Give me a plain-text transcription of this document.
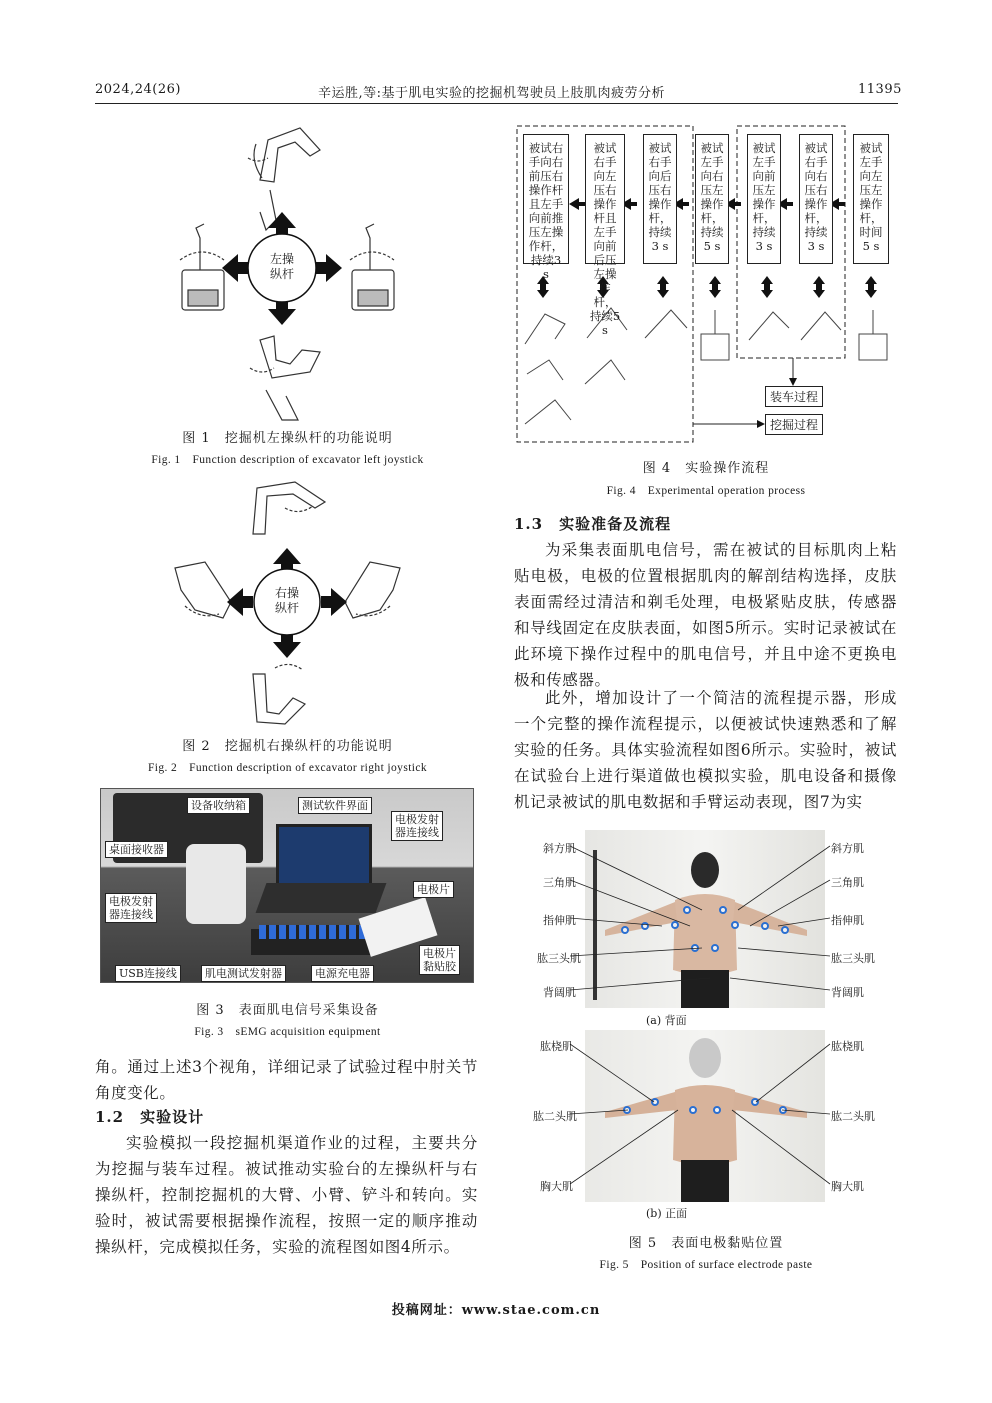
2024,24(26)	辛运胜,等:基于肌电实验的挖掘机驾驶员上肢肌肉疲劳分析	11395
左操
纵杆
图 1　挖掘机左操纵杆的功能说明
Fig. 1　Function description of excavator left joystick
右操
纵杆
图 2　挖掘机右操纵杆的功能说明
Fig. 2　Function description of excavator right joystick
设备收纳箱	测试软件界面
电极发射
器连接线
桌面接收器
电极片
电极发射
器连接线
USB连接线	肌电测试发射器	电源充电器
电极片
黏贴胶
图 3　表面肌电信号采集设备
Fig. 3　sEMG acquisition equipment
角。通过上述3个视角，详细记录了试验过程中肘关节角度变化。
1.2　实验设计
实验模拟一段挖掘机渠道作业的过程，主要共分为挖掘与装车过程。被试推动实验台的左操纵杆与右操纵杆，控制挖掘机的大臂、小臂、铲斗和转向。实验时，被试需要根据操作流程，按照一定的顺序推动操纵杆，完成模拟任务，实验的流程图如图4所示。
被试右手向右前压右操作杆且左手向前推压左操作杆，持续3 s
被试右手向左压右操作杆且左手向前后压左操作杆，持续5 s
被试右手向后压右操作杆，持续3 s
被试左手向右压左操作杆，持续5 s
被试左手向前压左操作杆，持续3 s
被试右手向右压右操作杆，持续3 s
被试左手向左压左操作杆，时间5 s
装车过程
挖掘过程
图 4　实验操作流程
Fig. 4　Experimental operation process
1.3　实验准备及流程
为采集表面肌电信号，需在被试的目标肌肉上粘贴电极，电极的位置根据肌肉的解剖结构选择，皮肤表面需经过清洁和剃毛处理，电极紧贴皮肤，传感器和导线固定在皮肤表面，如图5所示。实时记录被试在此环境下操作过程中的肌电信号，并且中途不更换电极和传感器。
此外，增加设计了一个简洁的流程提示器，形成一个完整的操作流程提示，以便被试快速熟悉和了解实验的任务。具体实验流程如图6所示。实验时，被试在试验台上进行渠道做也模拟实验，肌电设备和摄像机记录被试的肌电数据和手臂运动表现，图7为实
(a) 背面
(b) 正面
斜方肌
三角肌
指伸肌
肱三头肌
背阔肌
斜方肌
三角肌
指伸肌
肱三头肌
背阔肌
肱桡肌
肱二头肌
胸大肌
肱桡肌
肱二头肌
胸大肌
图 5　表面电极黏贴位置
Fig. 5　Position of surface electrode paste
投稿网址：www.stae.com.cn
